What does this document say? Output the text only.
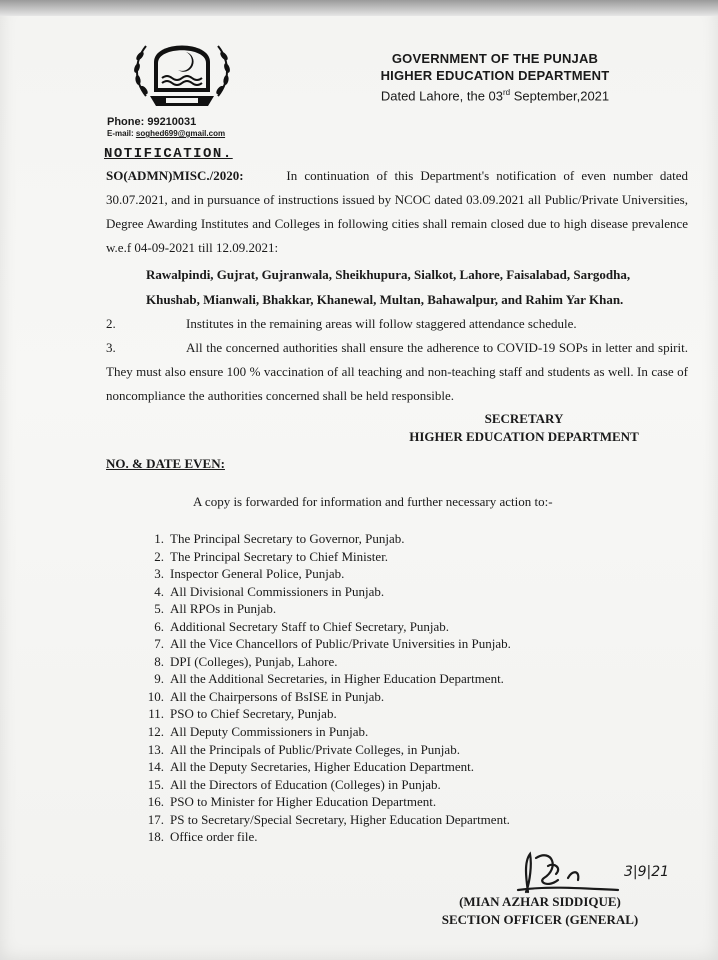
GOVERNMENT OF THE PUNJAB
HIGHER EDUCATION DEPARTMENT
Dated Lahore, the 03rd September,2021
Phone: 99210031
E-mail: soghed699@gmail.com
NOTIFICATION.
SO(ADMN)MISC./2020:	In continuation of this Department's notification of even number dated 30.07.2021, and in pursuance of instructions issued by NCOC dated 03.09.2021 all Public/Private Universities, Degree Awarding Institutes and Colleges in following cities shall remain closed due to high disease prevalence w.e.f 04-09-2021 till 12.09.2021:
Rawalpindi, Gujrat, Gujranwala, Sheikhupura, Sialkot, Lahore, Faisalabad, Sargodha, Khushab, Mianwali, Bhakkar, Khanewal, Multan, Bahawalpur, and Rahim Yar Khan.
2.	Institutes in the remaining areas will follow staggered attendance schedule.
3.	All the concerned authorities shall ensure the adherence to COVID-19 SOPs in letter and spirit. They must also ensure 100 % vaccination of all teaching and non-teaching staff and students as well. In case of noncompliance the authorities concerned shall be held responsible.
SECRETARY
HIGHER EDUCATION DEPARTMENT
NO. & DATE EVEN:
A copy is forwarded for information and further necessary action to:-
1. The Principal Secretary to Governor, Punjab.
2. The Principal Secretary to Chief Minister.
3. Inspector General Police, Punjab.
4. All Divisional Commissioners in Punjab.
5. All RPOs in Punjab.
6. Additional Secretary Staff to Chief Secretary, Punjab.
7. All the Vice Chancellors of Public/Private Universities in Punjab.
8. DPI (Colleges), Punjab, Lahore.
9. All the Additional Secretaries, in Higher Education Department.
10. All the Chairpersons of BsISE in Punjab.
11. PSO to Chief Secretary, Punjab.
12. All Deputy Commissioners in Punjab.
13. All the Principals of Public/Private Colleges, in Punjab.
14. All the Deputy Secretaries, Higher Education Department.
15. All the Directors of Education (Colleges) in Punjab.
16. PSO to Minister for Higher Education Department.
17. PS to Secretary/Special Secretary, Higher Education Department.
18. Office order file.
3|9|21
(MIAN AZHAR SIDDIQUE)
SECTION OFFICER (GENERAL)
